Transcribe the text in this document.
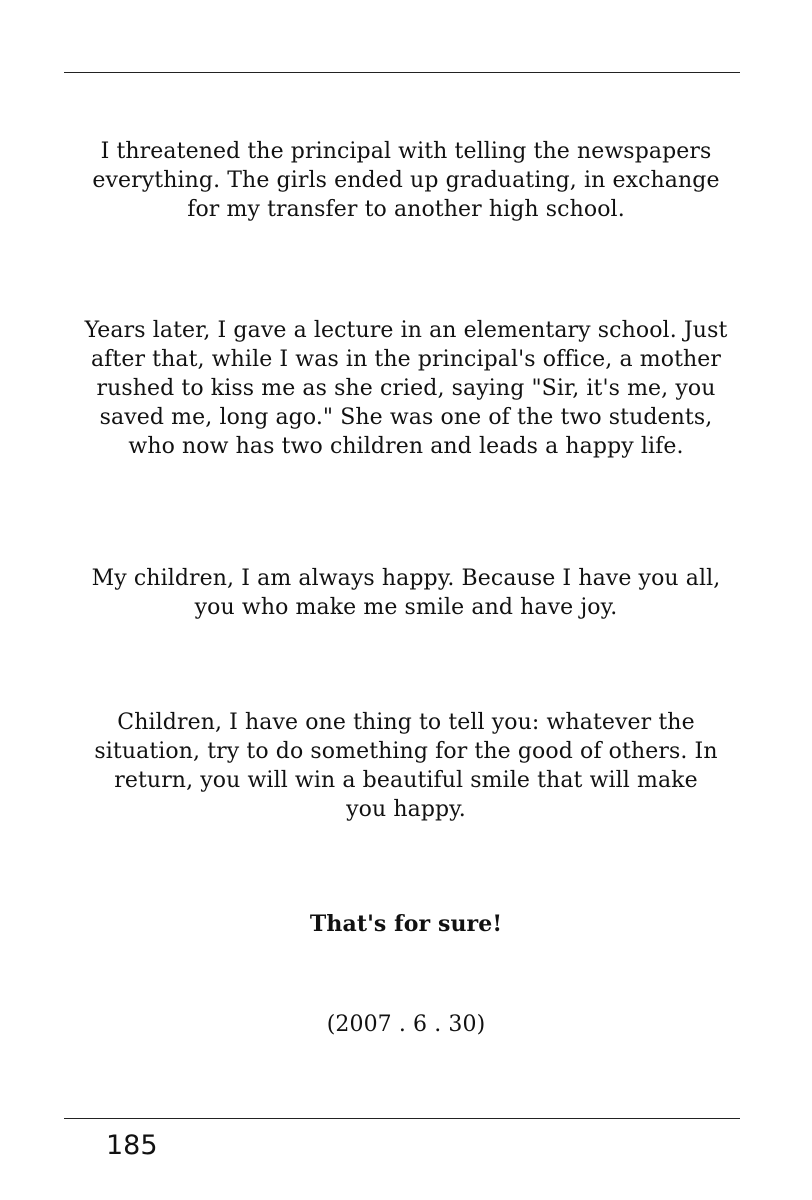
I threatened the principal with telling the newspapers
everything. The girls ended up graduating, in exchange
for my transfer to another high school.

Years later, I gave a lecture in an elementary school. Just
after that, while I was in the principal's office, a mother
rushed to kiss me as she cried, saying "Sir, it's me, you
saved me, long ago." She was one of the two students,
who now has two children and leads a happy life.

My children, I am always happy. Because I have you all,
you who make me smile and have joy.

Children, I have one thing to tell you: whatever the
situation, try to do something for the good of others. In
return, you will win a beautiful smile that will make
you happy.

That's for sure!

(2007 . 6 . 30)

185
